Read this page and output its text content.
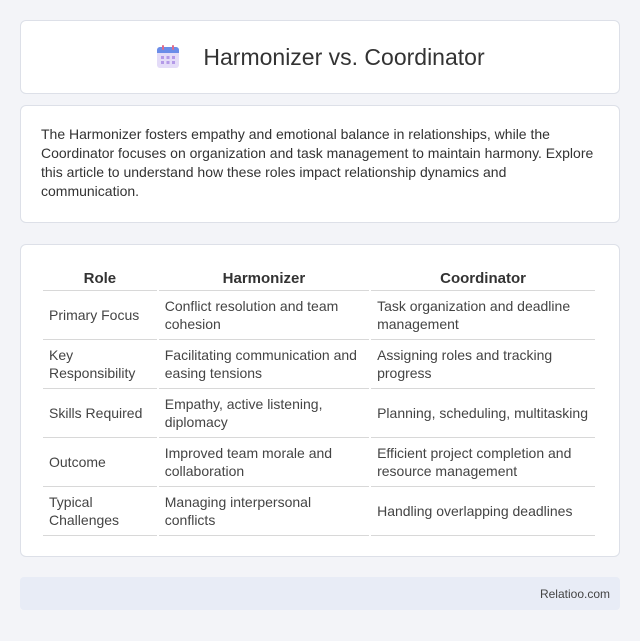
Harmonizer vs. Coordinator

The Harmonizer fosters empathy and emotional balance in relationships, while the Coordinator focuses on organization and task management to maintain harmony. Explore this article to understand how these roles impact relationship dynamics and communication.

Role	Harmonizer	Coordinator
Primary Focus	Conflict resolution and team cohesion	Task organization and deadline management
Key Responsibility	Facilitating communication and easing tensions	Assigning roles and tracking progress
Skills Required	Empathy, active listening, diplomacy	Planning, scheduling, multitasking
Outcome	Improved team morale and collaboration	Efficient project completion and resource management
Typical Challenges	Managing interpersonal conflicts	Handling overlapping deadlines
Relatioo.com
